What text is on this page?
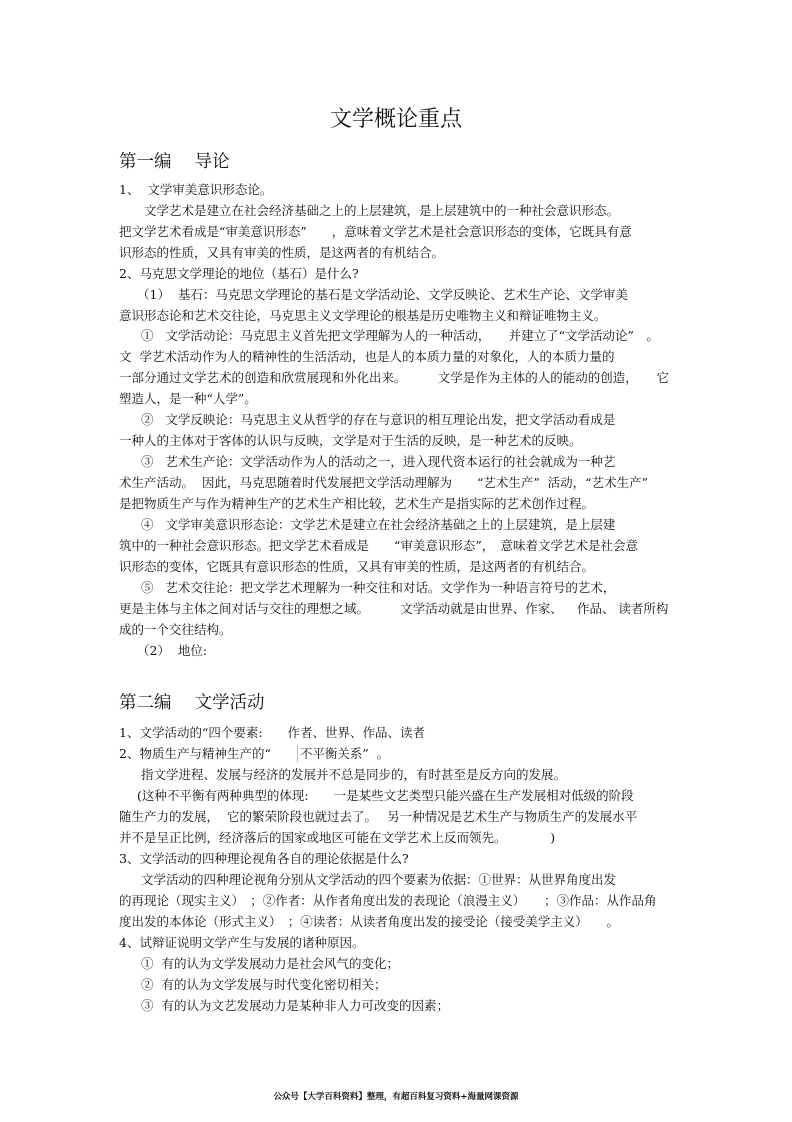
文学概论重点
第一编　 导论
1、  文学审美意识形态论。
　　文学艺术是建立在社会经济基础之上的上层建筑，是上层建筑中的一种社会意识形态。
把文学艺术看成是“审美意识形态”　　，意味着文学艺术是社会意识形态的变体，它既具有意
识形态的性质，又具有审美的性质，是这两者的有机结合。
2、马克思文学理论的地位（基石）是什么?
（1）  基石：马克思文学理论的基石是文学活动论、文学反映论、艺术生产论、文学审美
意识形态论和艺术交往论，马克思主义文学理论的根基是历史唯物主义和辩证唯物主义。
①   文学活动论：马克思主义首先把文学理解为人的一种活动，　   并建立了“文学活动论”　。
文  学艺术活动作为人的精神性的生活活动，也是人的本质力量的对象化，人的本质力量的
一部分通过文学艺术的创造和欣赏展现和外化出来。　　　文学是作为主体的人的能动的创造，　　它
塑造人，是一种“人学”。
②   文学反映论：马克思主义从哲学的存在与意识的相互理论出发，把文学活动看成是
一种人的主体对于客体的认识与反映，文学是对于生活的反映，是一种艺术的反映。
③   艺术生产论：文学活动作为人的活动之一，进入现代资本运行的社会就成为一种艺
术生产活动。  因此，马克思随着时代发展把文学活动理解为　　“艺术生产”  活动，“艺术生产”
是把物质生产与作为精神生产的艺术生产相比较，艺术生产是指实际的艺术创作过程。
④   文学审美意识形态论：文学艺术是建立在社会经济基础之上的上层建筑，是上层建
筑中的一种社会意识形态。把文学艺术看成是　　“审美意识形态”，　意味着文学艺术是社会意
识形态的变体，它既具有意识形态的性质，又具有审美的性质，是这两者的有机结合。
⑤   艺术交往论：把文学艺术理解为一种交往和对话。文学作为一种语言符号的艺术，
更是主体与主体之间对话与交往的理想之域。　　　文学活动就是由世界、作家、　  作品、 读者所构
成的一个交往结构。
（2）  地位:
第二编　 文学活动
1、文学活动的“四个要素:　　作者、世界、作品、读者
2、物质生产与精神生产的“　　 不平衡关系”  。
指文学进程、发展与经济的发展并不总是同步的，有时甚至是反方向的发展。
(这种不平衡有两种典型的体现:　　一是某些文艺类型只能兴盛在生产发展相对低级的阶段
随生产力的发展，  它的繁荣阶段也就过去了。　 另一种情况是艺术生产与物质生产的发展水平
并不是呈正比例，经济落后的国家或地区可能在文学艺术上反而领先。　　　　)
3、文学活动的四种理论视角各自的理论依据是什么?
文学活动的四种理论视角分别从文学活动的四个要素为依据：①世界：从世界角度出发
的再现论（现实主义）　；②作者：从作者角度出发的表现论（浪漫主义）　　；③作品：从作品角
度出发的本体论（形式主义）　；④读者：从读者角度出发的接受论（接受美学主义）　　。
4、试辩证说明文学产生与发展的诸种原因。
①  有的认为文学发展动力是社会风气的变化；
②  有的认为文学发展与时代变化密切相关；
③  有的认为文艺发展动力是某种非人力可改变的因素；
公众号【大学百科资料】整理，有超百科复习资料+海量网课资源
